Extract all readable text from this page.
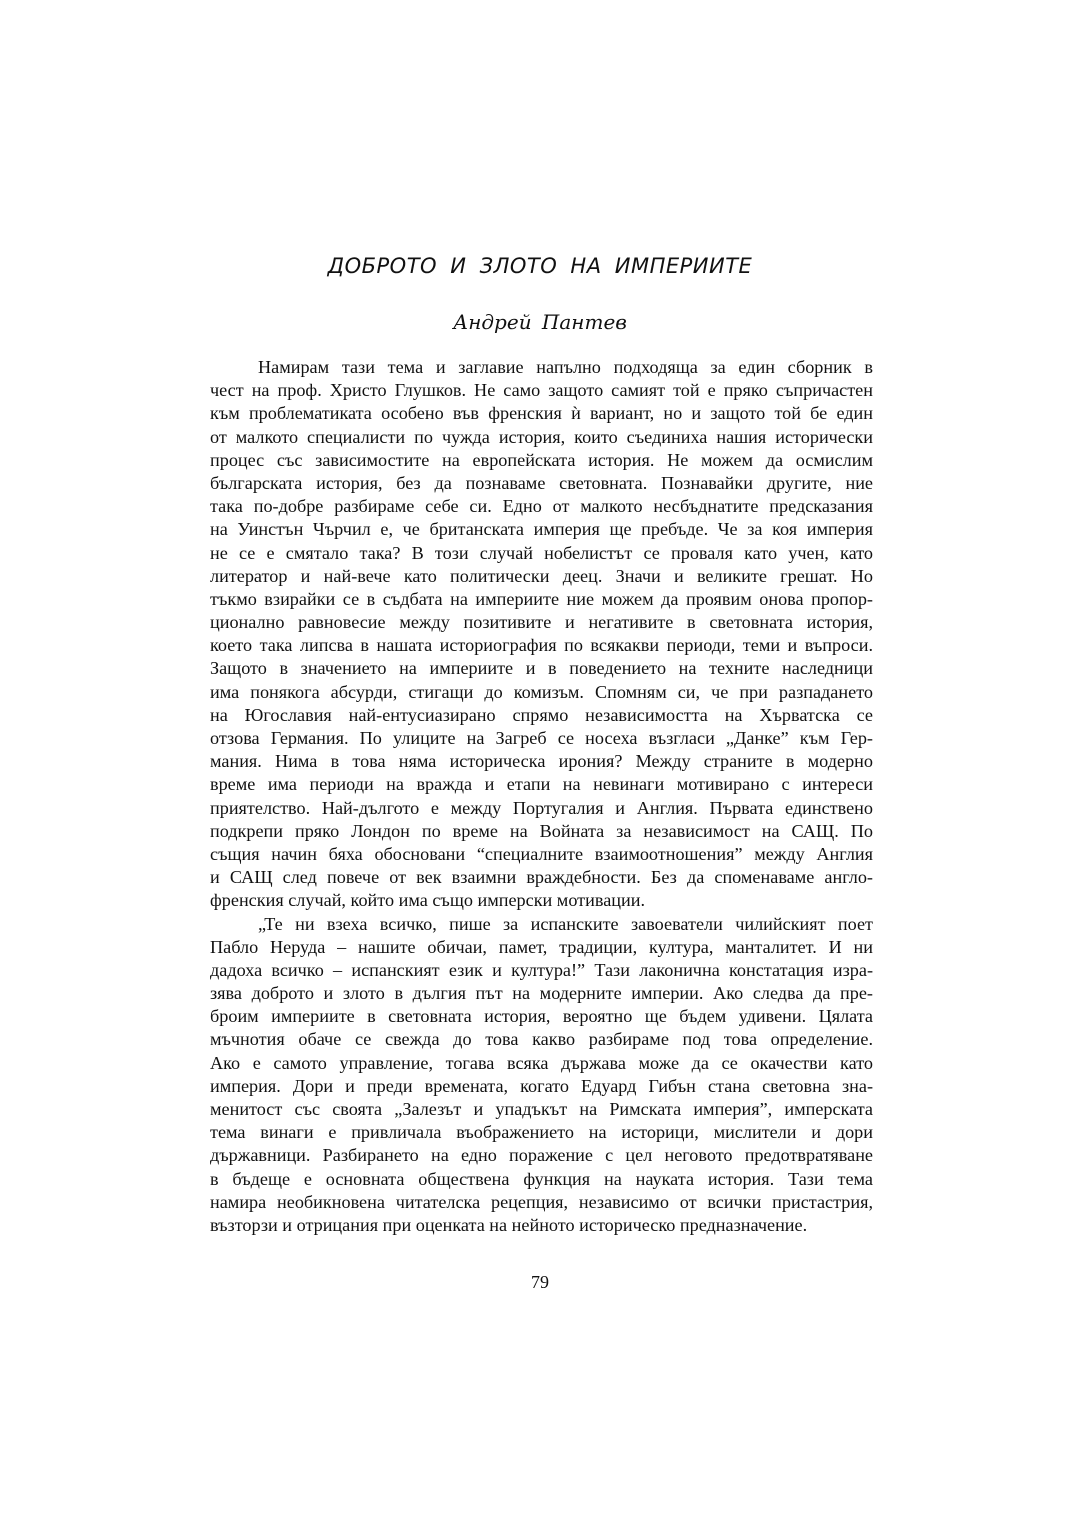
ДОБРОТО И ЗЛОТО НА ИМПЕРИИТЕ
Андрей Пантев
Намирам тази тема и заглавие напълно подходяща за един сборник в
чест на проф. Христо Глушков. Не само защото самият той е пряко съпричастен
към проблематиката особено във френския ѝ вариант, но и защото той бе един
от малкото специалисти по чужда история, които съединиха нашия исторически
процес със зависимостите на европейската история. Не можем да осмислим
българската история, без да познаваме световната. Познавайки другите, ние
така по-добре разбираме себе си. Едно от малкото несбъднатите предсказания
на Уинстън Чърчил е, че британската империя ще пребъде. Че за коя империя
не се е смятало така? В този случай нобелистът се проваля като учен, като
литератор и най-вече като политически деец. Значи и великите грешат. Но
тъкмо взирайки се в съдбата на империите ние можем да проявим онова пропор-
ционално равновесие между позитивите и негативите в световната история,
което така липсва в нашата историография по всякакви периоди, теми и въпроси.
Защото в значението на империите и в поведението на техните наследници
има понякога абсурди, стигащи до комизъм. Спомням си, че при разпадането
на Югославия най-ентусиазирано спрямо независимостта на Хърватска се
отзова Германия. По улиците на Загреб се носеха възгласи „Данке” към Гер-
мания. Нима в това няма историческа ирония? Между страните в модерно
време има периоди на вражда и етапи на невинаги мотивирано с интереси
приятелство. Най-дългото е между Португалия и Англия. Първата единствено
подкрепи пряко Лондон по време на Войната за независимост на САЩ. По
същия начин бяха обосновани “специалните взаимоотношения” между Англия
и САЩ след повече от век взаимни враждебности. Без да споменаваме англо-
френския случай, който има също имперски мотивации.
„Те ни взеха всичко, пише за испанските завоеватели чилийският поет
Пабло Неруда – нашите обичаи, памет, традиции, култура, манталитет. И ни
дадоха всичко – испанският език и култура!” Тази лаконична констатация изра-
зява доброто и злото в дългия път на модерните империи. Ако следва да пре-
броим империите в световната история, вероятно ще бъдем удивени. Цялата
мъчнотия обаче се свежда до това какво разбираме под това определение.
Ако е самото управление, тогава всяка държава може да се окачестви като
империя. Дори и преди времената, когато Едуард Гибън стана световна зна-
менитост със своята „Залезът и упадъкът на Римската империя”, имперската
тема винаги е привличала въображението на историци, мислители и дори
държавници. Разбирането на едно поражение с цел неговото предотвратяване
в бъдеще е основната обществена функция на науката история. Тази тема
намира необикновена читателска рецепция, независимо от всички пристастрия,
възторзи и отрицания при оценката на нейното историческо предназначение.
79
